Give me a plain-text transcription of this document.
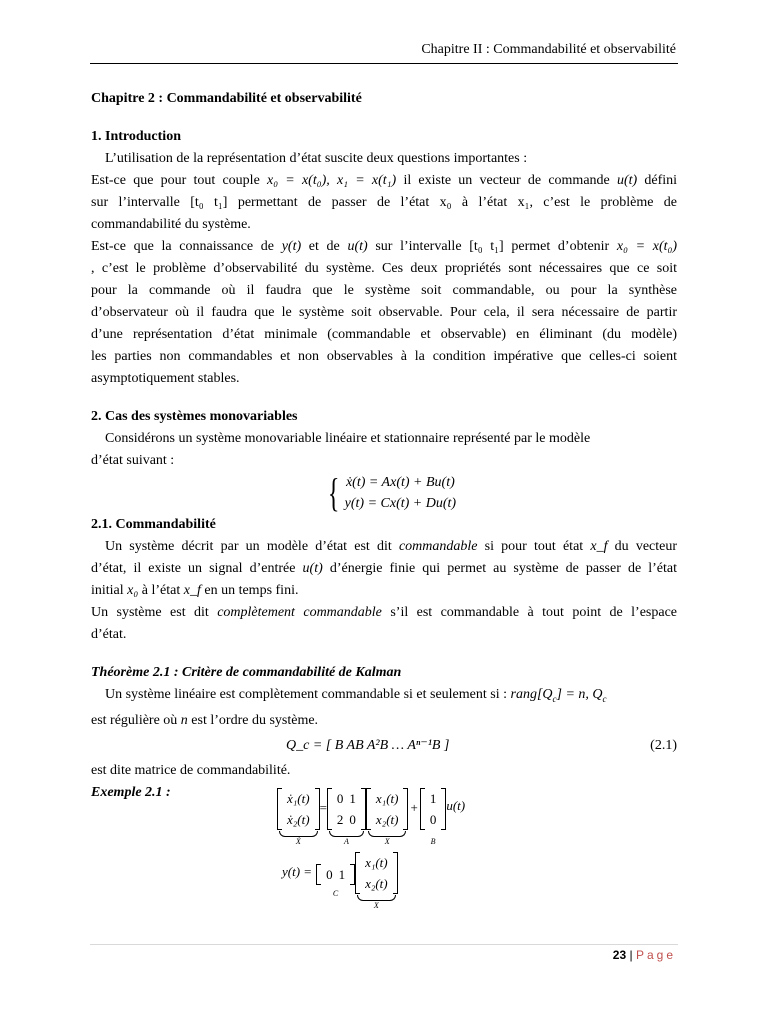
Chapitre II : Commandabilité et observabilité
Chapitre 2 : Commandabilité et observabilité
1. Introduction
L’utilisation de la représentation d’état suscite deux questions importantes :
Est-ce que pour tout couple x₀ = x(t₀), x₁ = x(t₁) il existe un vecteur de commande u(t) défini
sur l’intervalle [t₀ t₁] permettant de passer de l’état x₀ à l’état x₁, c’est le problème de
commandabilité du système.
Est-ce que la connaissance de y(t) et de u(t) sur l’intervalle [t₀ t₁] permet d’obtenir x₀ = x(t₀)
, c’est le problème d’observabilité du système. Ces deux propriétés sont nécessaires que ce soit
pour la commande où il faudra que le système soit commandable, ou pour la synthèse
d’observateur où il faudra que le système soit observable. Pour cela, il sera nécessaire de partir
d’une représentation d’état minimale (commandable et observable) en éliminant (du modèle)
les parties non commandables et non observables à la condition impérative que celles-ci soient
asymptotiquement stables.
2. Cas des systèmes monovariables
Considérons un système monovariable linéaire et stationnaire représenté par le modèle
d’état suivant :
{ ẋ(t) = Ax(t) + Bu(t)
y(t) = Cx(t) + Du(t)
2.1. Commandabilité
Un système décrit par un modèle d’état est dit commandable si pour tout état x_f du vecteur
d’état, il existe un signal d’entrée u(t) d’énergie finie qui permet au système de passer de l’état
initial x₀ à l’état x_f en un temps fini.
Un système est dit complètement commandable s’il est commandable à tout point de l’espace
d’état.
Théorème 2.1 : Critère de commandabilité de Kalman
Un système linéaire est complètement commandable si et seulement si : $rang[Q_c] = n$, $Q_c$
est régulière où n est l’ordre du système.
Q_c = [ B AB A²B … Aⁿ⁻¹B ]	(2.1)
est dite matrice de commandabilité.
Exemple 2.1 :	ẋ₁(t)
ẋ₂(t)
Ẋ
=
0	1
2	0
A
x₁(t)
x₂(t)
X
+
1
0
B
u(t)
y(t) = 0	1
C
x₁(t)
x₂(t)
X
23 | Page
